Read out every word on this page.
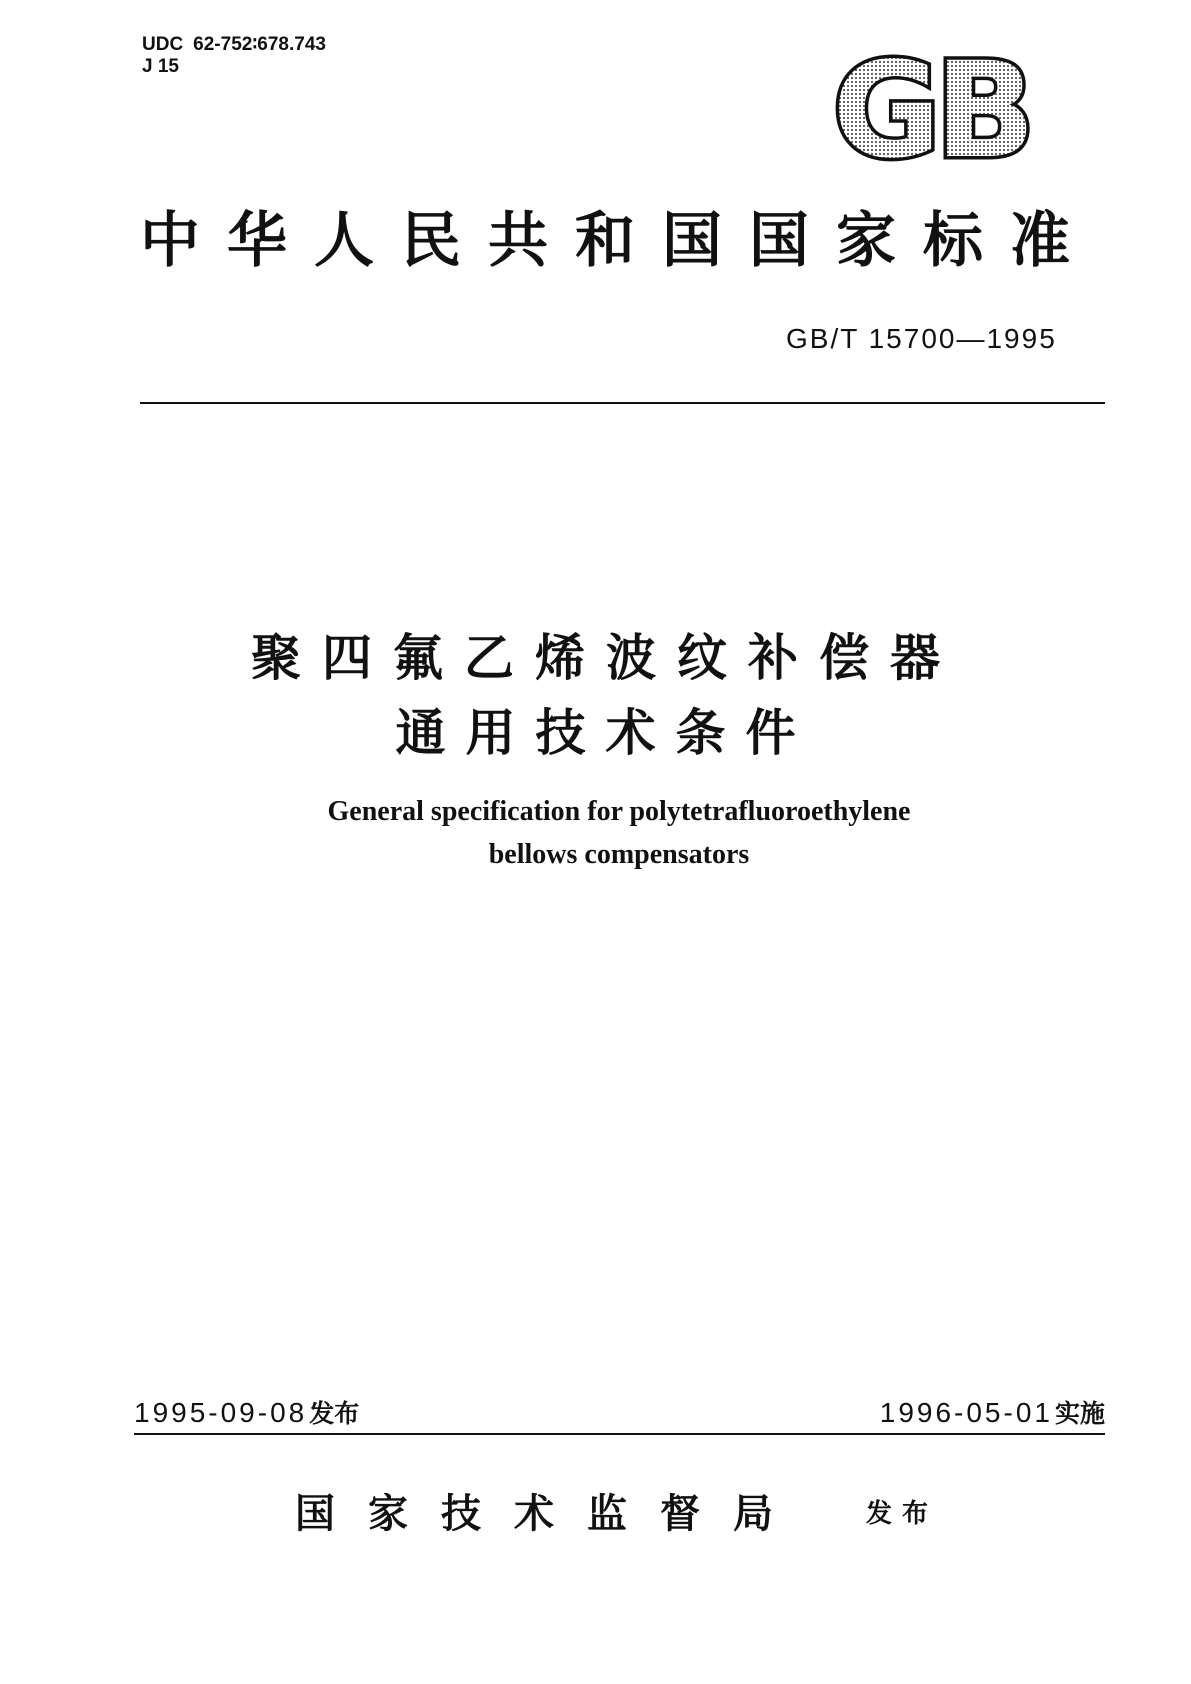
UDC 62-752∶678.743
J 15	GB
中华人民共和国国家标准
GB/T 15700—1995
聚四氟乙烯波纹补偿器
通用技术条件
General specification for polytetrafluoroethylene
bellows compensators
1995-09-08发布	1996-05-01实施
国家技术监督局 发布
